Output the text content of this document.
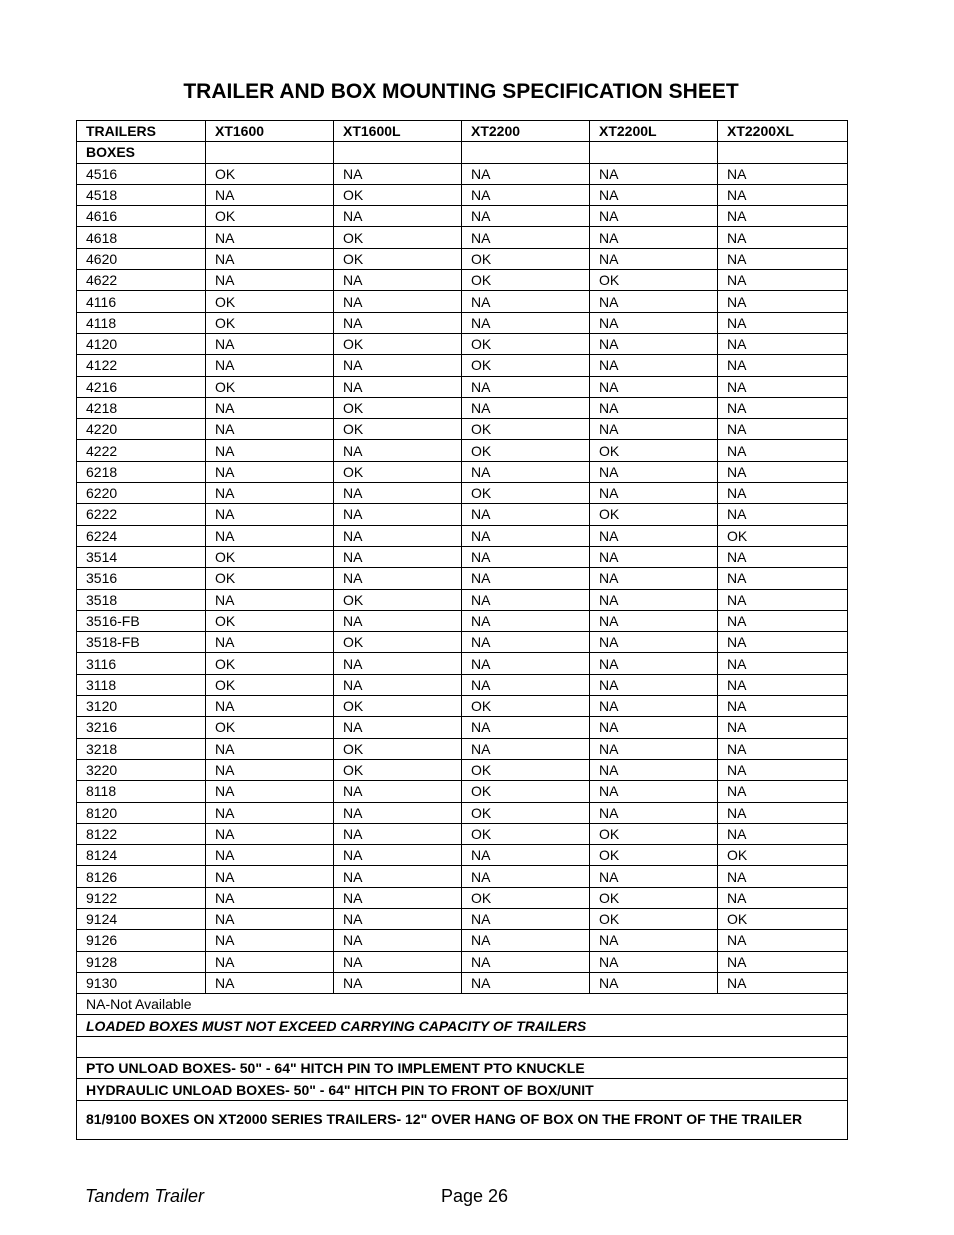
TRAILER AND BOX MOUNTING SPECIFICATION SHEET
TRAILERS	XT1600	XT1600L	XT2200	XT2200L	XT2200XL
BOXES					
4516	OK	NA	NA	NA	NA
4518	NA	OK	NA	NA	NA
4616	OK	NA	NA	NA	NA
4618	NA	OK	NA	NA	NA
4620	NA	OK	OK	NA	NA
4622	NA	NA	OK	OK	NA
4116	OK	NA	NA	NA	NA
4118	OK	NA	NA	NA	NA
4120	NA	OK	OK	NA	NA
4122	NA	NA	OK	NA	NA
4216	OK	NA	NA	NA	NA
4218	NA	OK	NA	NA	NA
4220	NA	OK	OK	NA	NA
4222	NA	NA	OK	OK	NA
6218	NA	OK	NA	NA	NA
6220	NA	NA	OK	NA	NA
6222	NA	NA	NA	OK	NA
6224	NA	NA	NA	NA	OK
3514	OK	NA	NA	NA	NA
3516	OK	NA	NA	NA	NA
3518	NA	OK	NA	NA	NA
3516-FB	OK	NA	NA	NA	NA
3518-FB	NA	OK	NA	NA	NA
3116	OK	NA	NA	NA	NA
3118	OK	NA	NA	NA	NA
3120	NA	OK	OK	NA	NA
3216	OK	NA	NA	NA	NA
3218	NA	OK	NA	NA	NA
3220	NA	OK	OK	NA	NA
8118	NA	NA	OK	NA	NA
8120	NA	NA	OK	NA	NA
8122	NA	NA	OK	OK	NA
8124	NA	NA	NA	OK	OK
8126	NA	NA	NA	NA	NA
9122	NA	NA	OK	OK	NA
9124	NA	NA	NA	OK	OK
9126	NA	NA	NA	NA	NA
9128	NA	NA	NA	NA	NA
9130	NA	NA	NA	NA	NA
NA-Not Available					
LOADED BOXES MUST NOT EXCEED CARRYING CAPACITY OF TRAILERS					

PTO UNLOAD BOXES- 50" - 64" HITCH PIN TO IMPLEMENT PTO KNUCKLE					
HYDRAULIC UNLOAD BOXES- 50" - 64" HITCH PIN TO FRONT OF BOX/UNIT					
81/9100 BOXES ON XT2000 SERIES TRAILERS- 12" OVER HANG OF BOX ON THE FRONT OF THE TRAILER					
Tandem Trailer	Page 26
